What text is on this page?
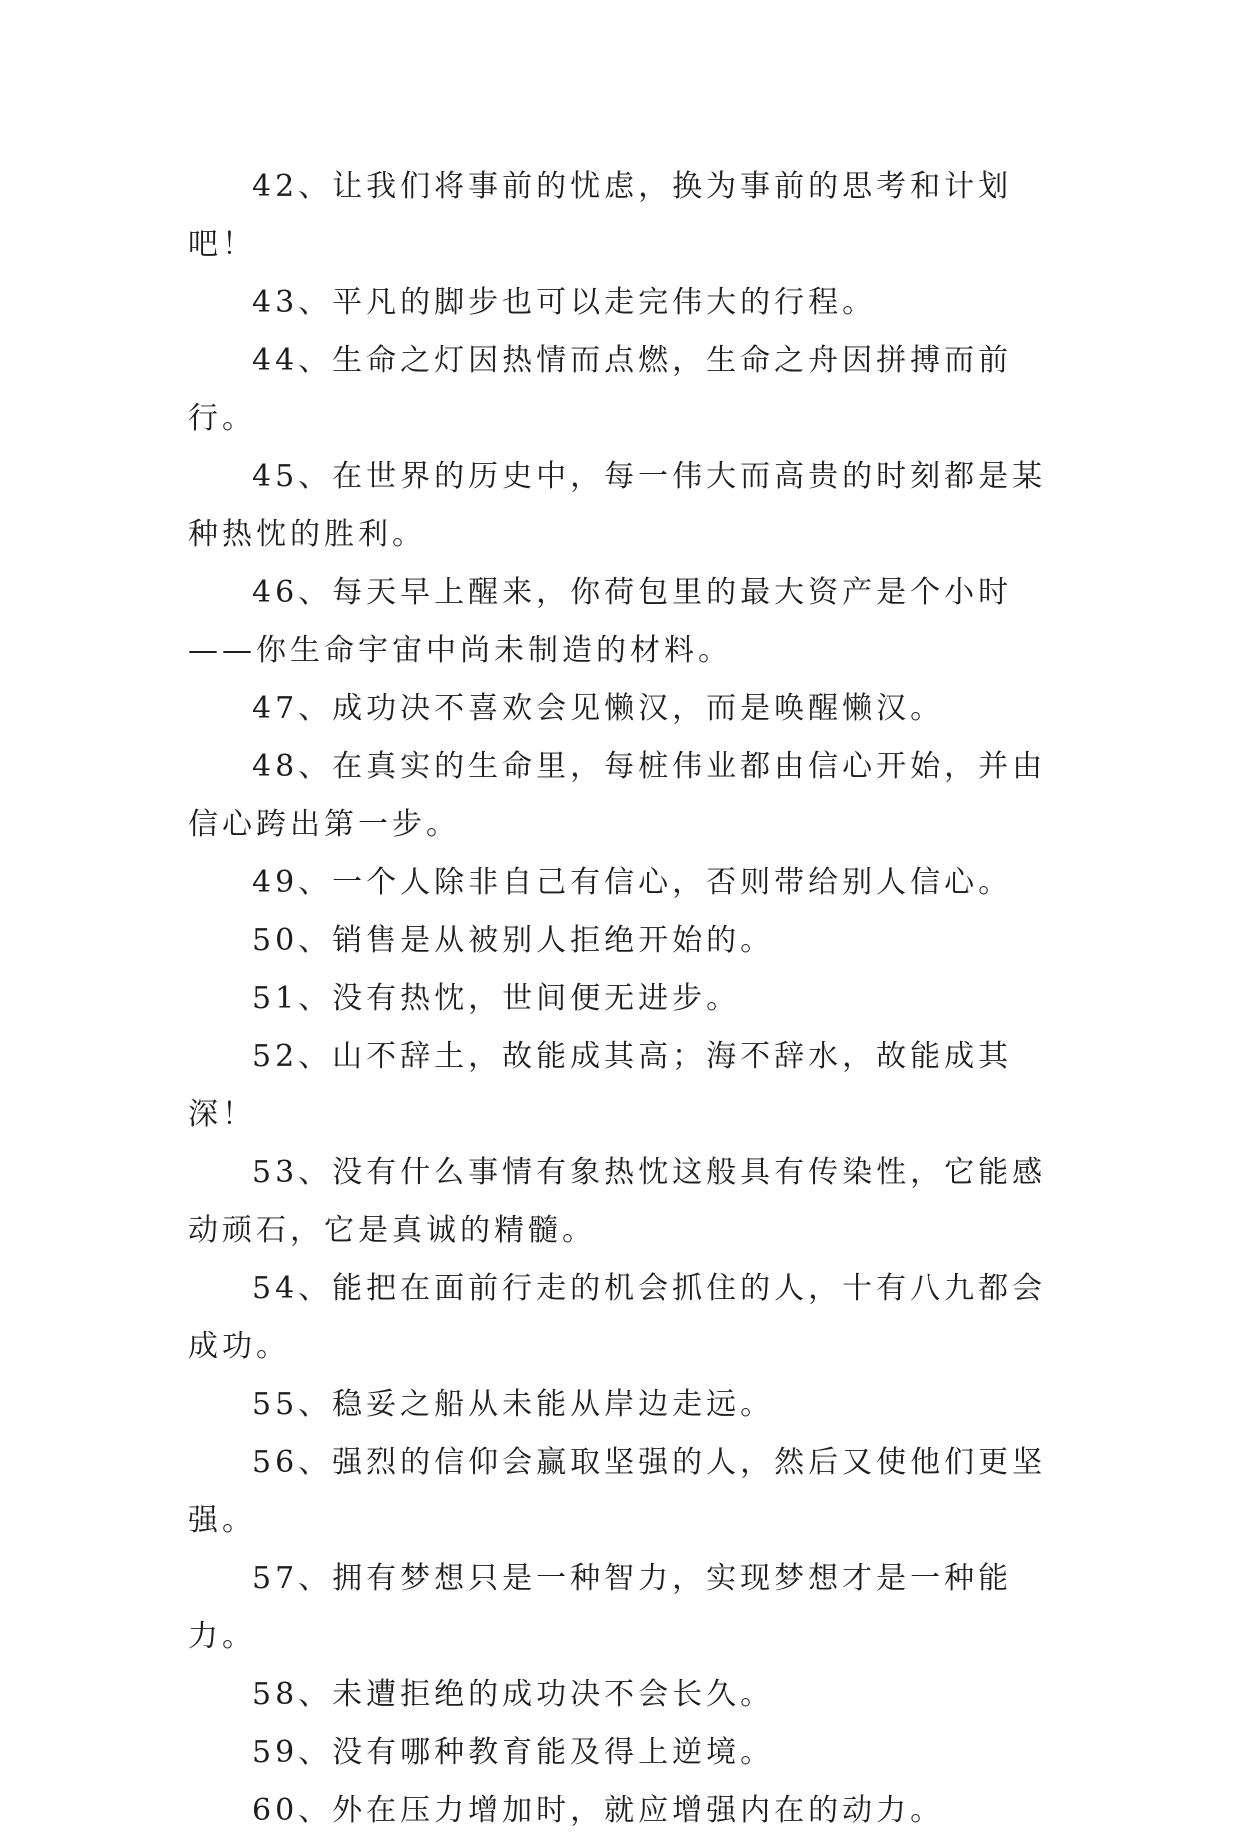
42、让我们将事前的忧虑，换为事前的思考和计划吧！

43、平凡的脚步也可以走完伟大的行程。

44、生命之灯因热情而点燃，生命之舟因拼搏而前行。

45、在世界的历史中，每一伟大而高贵的时刻都是某种热忱的胜利。

46、每天早上醒来，你荷包里的最大资产是个小时——你生命宇宙中尚未制造的材料。

47、成功决不喜欢会见懒汉，而是唤醒懒汉。

48、在真实的生命里，每桩伟业都由信心开始，并由信心跨出第一步。

49、一个人除非自己有信心，否则带给别人信心。

50、销售是从被别人拒绝开始的。

51、没有热忱，世间便无进步。

52、山不辞土，故能成其高；海不辞水，故能成其深！

53、没有什么事情有象热忱这般具有传染性，它能感动顽石，它是真诚的精髓。

54、能把在面前行走的机会抓住的人，十有八九都会成功。

55、稳妥之船从未能从岸边走远。

56、强烈的信仰会赢取坚强的人，然后又使他们更坚强。

57、拥有梦想只是一种智力，实现梦想才是一种能力。

58、未遭拒绝的成功决不会长久。

59、没有哪种教育能及得上逆境。

60、外在压力增加时，就应增强内在的动力。
